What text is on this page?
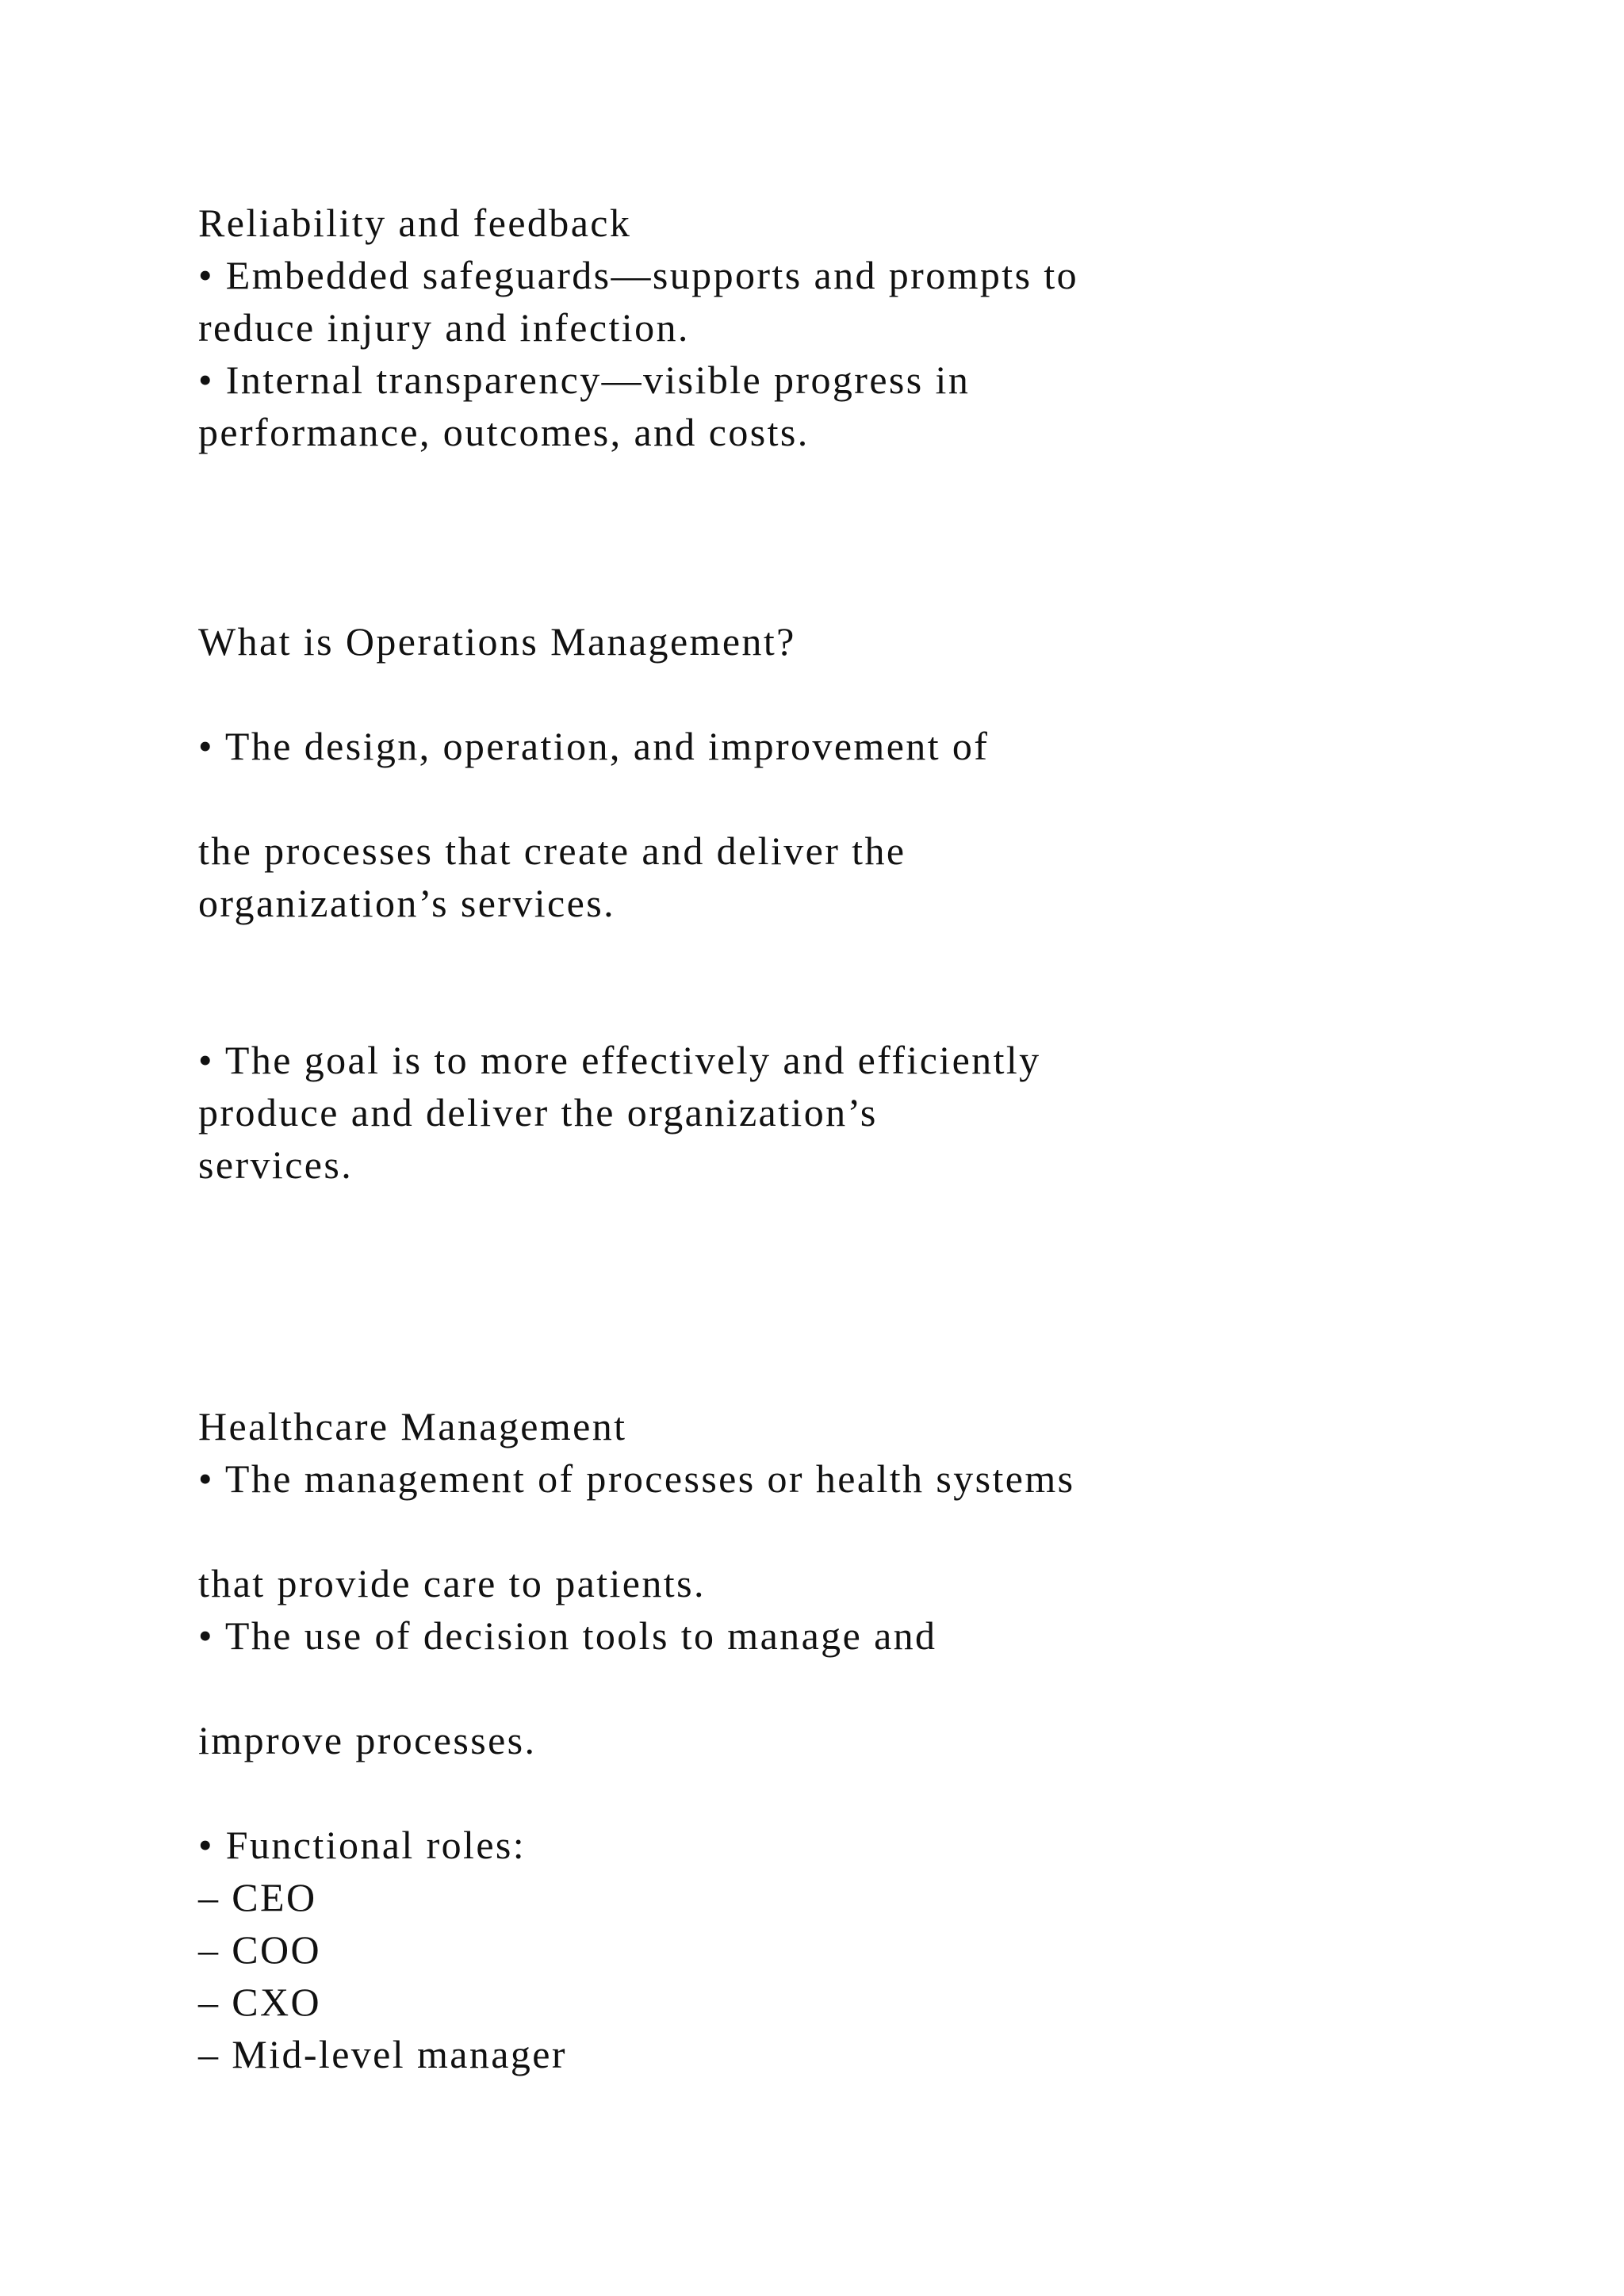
Reliability and feedback

• Embedded safeguards—supports and prompts to

reduce injury and infection.

• Internal transparency—visible progress in

performance, outcomes, and costs.

What is Operations Management?

• The design, operation, and improvement of

the processes that create and deliver the

organization’s services.

• The goal is to more effectively and efficiently

produce and deliver the organization’s

services.

Healthcare Management

• The management of processes or health systems

that provide care to patients.

• The use of decision tools to manage and

improve processes.

• Functional roles:

– CEO

– COO

– CXO

– Mid-level manager
